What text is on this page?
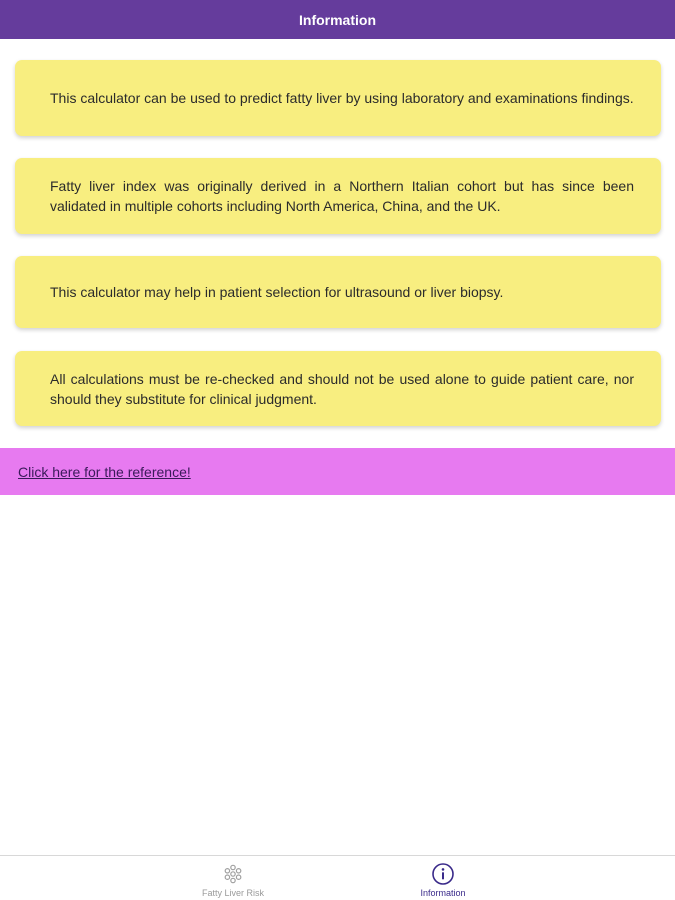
Information
This calculator can be used to predict fatty liver by using laboratory and examinations findings.
Fatty liver index was originally derived in a Northern Italian cohort but has since been validated in multiple cohorts including North America, China, and the UK.
This calculator may help in patient selection for ultrasound or liver biopsy.
All calculations must be re-checked and should not be used alone to guide patient care, nor should they substitute for clinical judgment.
Click here for the reference!
Fatty Liver Risk	Information
